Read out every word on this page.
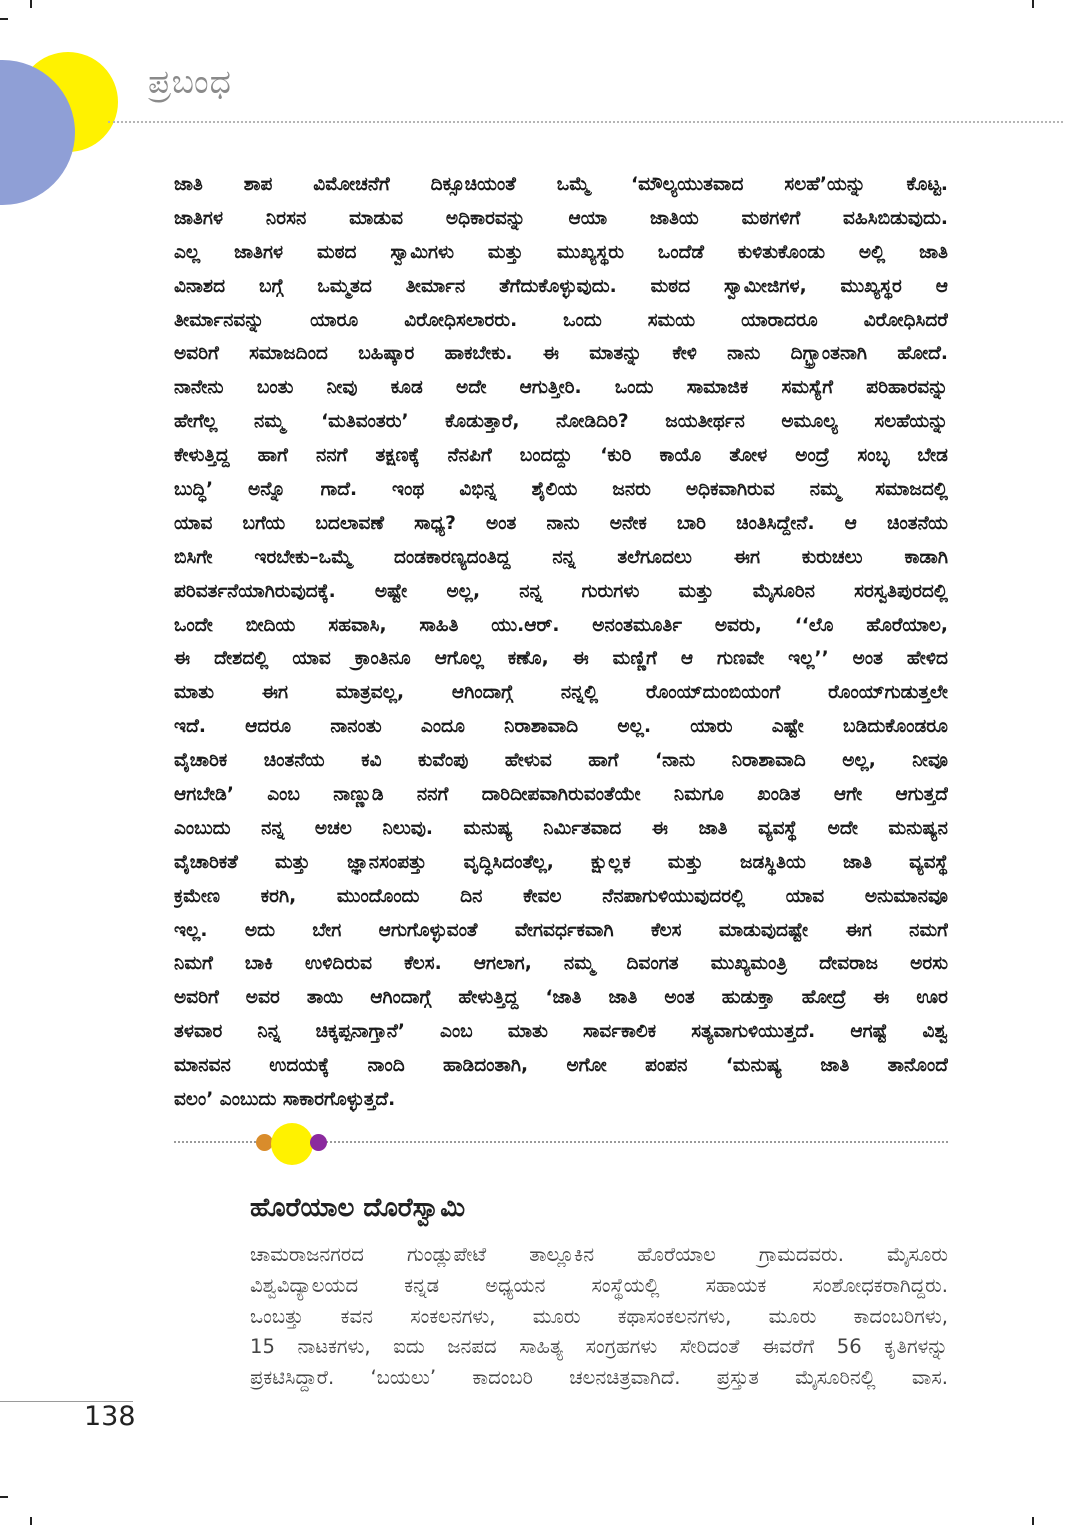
ಪ್ರಬಂಧ
ಜಾತಿ ಶಾಪ ವಿಮೋಚನೆಗೆ ದಿಕ್ಸೂಚಿಯಂತೆ ಒಮ್ಮೆ ‘ಮೌಲ್ಯಯುತವಾದ ಸಲಹೆ’ಯನ್ನು ಕೊಟ್ಟ.
ಜಾತಿಗಳ ನಿರಸನ ಮಾಡುವ ಅಧಿಕಾರವನ್ನು ಆಯಾ ಜಾತಿಯ ಮಠಗಳಿಗೆ ವಹಿಸಿಬಿಡುವುದು.
ಎಲ್ಲ ಜಾತಿಗಳ ಮಠದ ಸ್ವಾಮಿಗಳು ಮತ್ತು ಮುಖ್ಯಸ್ಥರು ಒಂದೆಡೆ ಕುಳಿತುಕೊಂಡು ಅಲ್ಲಿ ಜಾತಿ
ವಿನಾಶದ ಬಗ್ಗೆ ಒಮ್ಮತದ ತೀರ್ಮಾನ ತೆಗೆದುಕೊಳ್ಳುವುದು. ಮಠದ ಸ್ವಾಮೀಜಿಗಳ, ಮುಖ್ಯಸ್ಥರ ಆ
ತೀರ್ಮಾನವನ್ನು ಯಾರೂ ವಿರೋಧಿಸಲಾರರು. ಒಂದು ಸಮಯ ಯಾರಾದರೂ ವಿರೋಧಿಸಿದರೆ
ಅವರಿಗೆ ಸಮಾಜದಿಂದ ಬಹಿಷ್ಕಾರ ಹಾಕಬೇಕು. ಈ ಮಾತನ್ನು ಕೇಳಿ ನಾನು ದಿಗ್ಭ್ರಾಂತನಾಗಿ ಹೋದೆ.
ನಾನೇನು ಬಂತು ನೀವು ಕೂಡ ಅದೇ ಆಗುತ್ತೀರಿ. ಒಂದು ಸಾಮಾಜಿಕ ಸಮಸ್ಯೆಗೆ ಪರಿಹಾರವನ್ನು
ಹೇಗೆಲ್ಲ ನಮ್ಮ ‘ಮತಿವಂತರು’ ಕೊಡುತ್ತಾರೆ, ನೋಡಿದಿರಿ? ಜಯತೀರ್ಥನ ಅಮೂಲ್ಯ ಸಲಹೆಯನ್ನು
ಕೇಳುತ್ತಿದ್ದ ಹಾಗೆ ನನಗೆ ತಕ್ಷಣಕ್ಕೆ ನೆನಪಿಗೆ ಬಂದದ್ದು ‘ಕುರಿ ಕಾಯೊ ತೋಳ ಅಂದ್ರೆ ಸಂಬ್ಳ ಬೇಡ
ಬುದ್ಧಿ’ ಅನ್ನೊ ಗಾದೆ. ಇಂಥ ವಿಭಿನ್ನ ಶೈಲಿಯ ಜನರು ಅಧಿಕವಾಗಿರುವ ನಮ್ಮ ಸಮಾಜದಲ್ಲಿ
ಯಾವ ಬಗೆಯ ಬದಲಾವಣೆ ಸಾಧ್ಯ? ಅಂತ ನಾನು ಅನೇಕ ಬಾರಿ ಚಿಂತಿಸಿದ್ದೇನೆ. ಆ ಚಿಂತನೆಯ
ಬಿಸಿಗೇ ಇರಬೇಕು–ಒಮ್ಮೆ ದಂಡಕಾರಣ್ಯದಂತಿದ್ದ ನನ್ನ ತಲೆಗೂದಲು ಈಗ ಕುರುಚಲು ಕಾಡಾಗಿ
ಪರಿವರ್ತನೆಯಾಗಿರುವುದಕ್ಕೆ. ಅಷ್ಟೇ ಅಲ್ಲ, ನನ್ನ ಗುರುಗಳು ಮತ್ತು ಮೈಸೂರಿನ ಸರಸ್ವತಿಪುರದಲ್ಲಿ
ಒಂದೇ ಬೀದಿಯ ಸಹವಾಸಿ, ಸಾಹಿತಿ ಯು.ಆರ್. ಅನಂತಮೂರ್ತಿ ಅವರು, ‘‘ಲೊ ಹೊರೆಯಾಲ,
ಈ ದೇಶದಲ್ಲಿ ಯಾವ ಕ್ರಾಂತಿನೂ ಆಗೊಲ್ಲ ಕಣೊ, ಈ ಮಣ್ಣಿಗೆ ಆ ಗುಣವೇ ಇಲ್ಲ’’ ಅಂತ ಹೇಳಿದ
ಮಾತು ಈಗ ಮಾತ್ರವಲ್ಲ, ಆಗಿಂದಾಗ್ಗೆ ನನ್ನಲ್ಲಿ ರೊಂಯ್‌ದುಂಬಿಯಂಗೆ ರೊಂಯ್‌ಗುಡುತ್ತಲೇ
ಇದೆ. ಆದರೂ ನಾನಂತು ಎಂದೂ ನಿರಾಶಾವಾದಿ ಅಲ್ಲ. ಯಾರು ಎಷ್ಟೇ ಬಡಿದುಕೊಂಡರೂ
ವೈಚಾರಿಕ ಚಿಂತನೆಯ ಕವಿ ಕುವೆಂಪು ಹೇಳುವ ಹಾಗೆ ‘ನಾನು ನಿರಾಶಾವಾದಿ ಅಲ್ಲ, ನೀವೂ
ಆಗಬೇಡಿ’ ಎಂಬ ನಾಣ್ಣುಡಿ ನನಗೆ ದಾರಿದೀಪವಾಗಿರುವಂತೆಯೇ ನಿಮಗೂ ಖಂಡಿತ ಆಗೇ ಆಗುತ್ತದೆ
ಎಂಬುದು ನನ್ನ ಅಚಲ ನಿಲುವು. ಮನುಷ್ಯ ನಿರ್ಮಿತವಾದ ಈ ಜಾತಿ ವ್ಯವಸ್ಥೆ ಅದೇ ಮನುಷ್ಯನ
ವೈಚಾರಿಕತೆ ಮತ್ತು ಜ್ಞಾನಸಂಪತ್ತು ವೃದ್ಧಿಸಿದಂತೆಲ್ಲ, ಕ್ಷುಲ್ಲಕ ಮತ್ತು ಜಡಸ್ಥಿತಿಯ ಜಾತಿ ವ್ಯವಸ್ಥೆ
ಕ್ರಮೇಣ ಕರಗಿ, ಮುಂದೊಂದು ದಿನ ಕೇವಲ ನೆನಪಾಗುಳಿಯುವುದರಲ್ಲಿ ಯಾವ ಅನುಮಾನವೂ
ಇಲ್ಲ. ಅದು ಬೇಗ ಆಗುಗೊಳ್ಳುವಂತೆ ವೇಗವರ್ಧಕವಾಗಿ ಕೆಲಸ ಮಾಡುವುದಷ್ಟೇ ಈಗ ನಮಗೆ
ನಿಮಗೆ ಬಾಕಿ ಉಳಿದಿರುವ ಕೆಲಸ. ಆಗಲಾಗ, ನಮ್ಮ ದಿವಂಗತ ಮುಖ್ಯಮಂತ್ರಿ ದೇವರಾಜ ಅರಸು
ಅವರಿಗೆ ಅವರ ತಾಯಿ ಆಗಿಂದಾಗ್ಗೆ ಹೇಳುತ್ತಿದ್ದ ‘ಜಾತಿ ಜಾತಿ ಅಂತ ಹುಡುಕ್ತಾ ಹೋದ್ರೆ ಈ ಊರ
ತಳವಾರ ನಿನ್ನ ಚಿಕ್ಕಪ್ಪನಾಗ್ತಾನೆ’ ಎಂಬ ಮಾತು ಸಾರ್ವಕಾಲಿಕ ಸತ್ಯವಾಗುಳಿಯುತ್ತದೆ. ಆಗಷ್ಟೆ ವಿಶ್ವ
ಮಾನವನ ಉದಯಕ್ಕೆ ನಾಂದಿ ಹಾಡಿದಂತಾಗಿ, ಅಗೋ ಪಂಪನ ‘ಮನುಷ್ಯ ಜಾತಿ ತಾನೊಂದೆ
ವಲಂ’ ಎಂಬುದು ಸಾಕಾರಗೊಳ್ಳುತ್ತದೆ.
ಹೊರೆಯಾಲ ದೊರೆಸ್ವಾಮಿ
ಚಾಮರಾಜನಗರದ ಗುಂಡ್ಲುಪೇಟೆ ತಾಲ್ಲೂಕಿನ ಹೊರೆಯಾಲ ಗ್ರಾಮದವರು. ಮೈಸೂರು
ವಿಶ್ವವಿದ್ಯಾಲಯದ ಕನ್ನಡ ಅಧ್ಯಯನ ಸಂಸ್ಥೆಯಲ್ಲಿ ಸಹಾಯಕ ಸಂಶೋಧಕರಾಗಿದ್ದರು.
ಒಂಬತ್ತು ಕವನ ಸಂಕಲನಗಳು, ಮೂರು ಕಥಾಸಂಕಲನಗಳು, ಮೂರು ಕಾದಂಬರಿಗಳು,
15 ನಾಟಕಗಳು, ಐದು ಜನಪದ ಸಾಹಿತ್ಯ ಸಂಗ್ರಹಗಳು ಸೇರಿದಂತೆ ಈವರೆಗೆ 56 ಕೃತಿಗಳನ್ನು
ಪ್ರಕಟಿಸಿದ್ದಾರೆ. ‘ಬಯಲು’ ಕಾದಂಬರಿ ಚಲನಚಿತ್ರವಾಗಿದೆ. ಪ್ರಸ್ತುತ ಮೈಸೂರಿನಲ್ಲಿ ವಾಸ.
138
